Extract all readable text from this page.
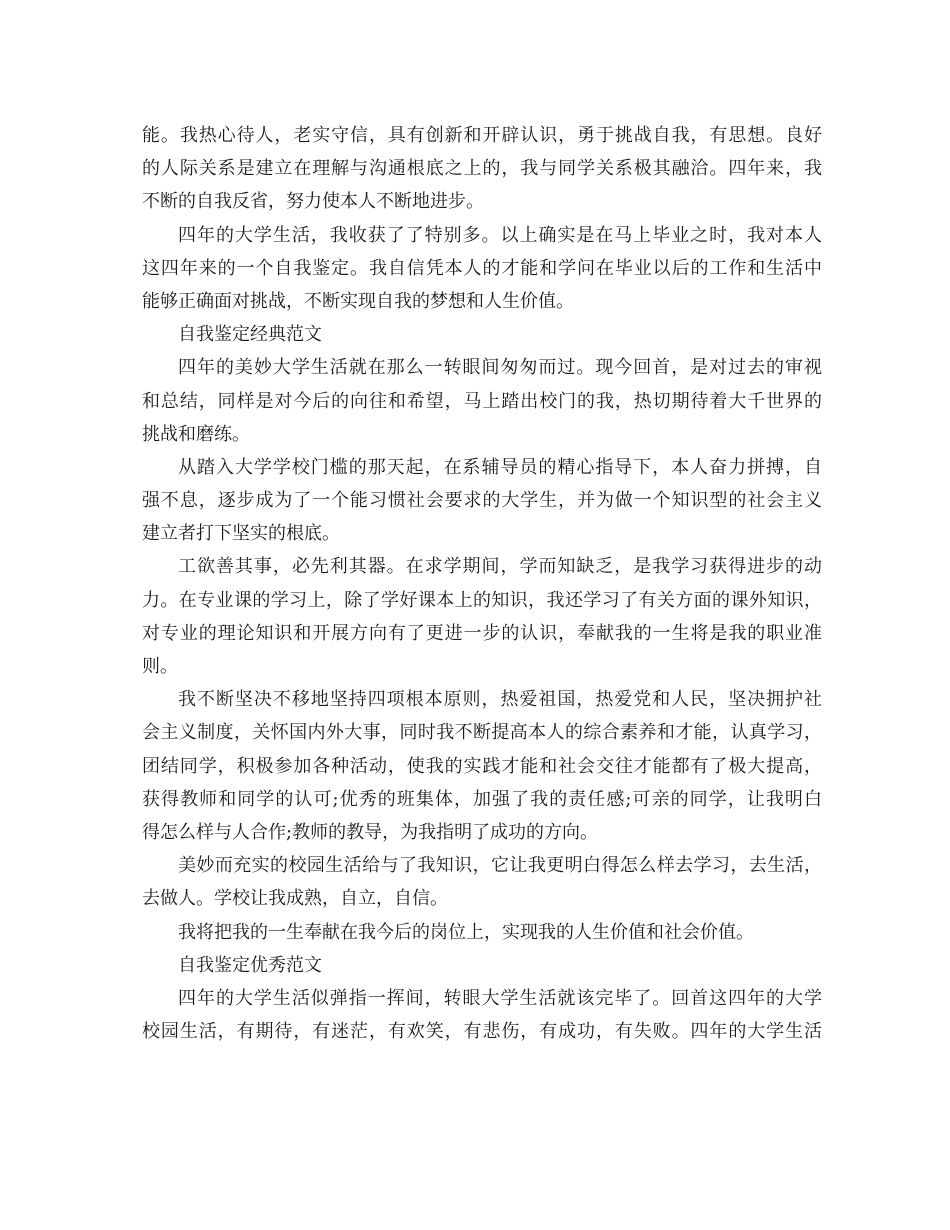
能。我热心待人，老实守信，具有创新和开辟认识，勇于挑战自我，有思想。良好
的人际关系是建立在理解与沟通根底之上的，我与同学关系极其融洽。四年来，我
不断的自我反省，努力使本人不断地进步。
四年的大学生活，我收获了了特别多。以上确实是在马上毕业之时，我对本人
这四年来的一个自我鉴定。我自信凭本人的才能和学问在毕业以后的工作和生活中
能够正确面对挑战，不断实现自我的梦想和人生价值。
自我鉴定经典范文
四年的美妙大学生活就在那么一转眼间匆匆而过。现今回首，是对过去的审视
和总结，同样是对今后的向往和希望，马上踏出校门的我，热切期待着大千世界的
挑战和磨练。
从踏入大学学校门槛的那天起，在系辅导员的精心指导下，本人奋力拼搏，自
强不息，逐步成为了一个能习惯社会要求的大学生，并为做一个知识型的社会主义
建立者打下坚实的根底。
工欲善其事，必先利其器。在求学期间，学而知缺乏，是我学习获得进步的动
力。在专业课的学习上，除了学好课本上的知识，我还学习了有关方面的课外知识，
对专业的理论知识和开展方向有了更进一步的认识，奉献我的一生将是我的职业准
则。
我不断坚决不移地坚持四项根本原则，热爱祖国，热爱党和人民，坚决拥护社
会主义制度，关怀国内外大事，同时我不断提高本人的综合素养和才能，认真学习，
团结同学，积极参加各种活动，使我的实践才能和社会交往才能都有了极大提高，
获得教师和同学的认可;优秀的班集体，加强了我的责任感;可亲的同学，让我明白
得怎么样与人合作;教师的教导，为我指明了成功的方向。
美妙而充实的校园生活给与了我知识，它让我更明白得怎么样去学习，去生活，
去做人。学校让我成熟，自立，自信。
我将把我的一生奉献在我今后的岗位上，实现我的人生价值和社会价值。
自我鉴定优秀范文
四年的大学生活似弹指一挥间，转眼大学生活就该完毕了。回首这四年的大学
校园生活，有期待，有迷茫，有欢笑，有悲伤，有成功，有失败。四年的大学生活
